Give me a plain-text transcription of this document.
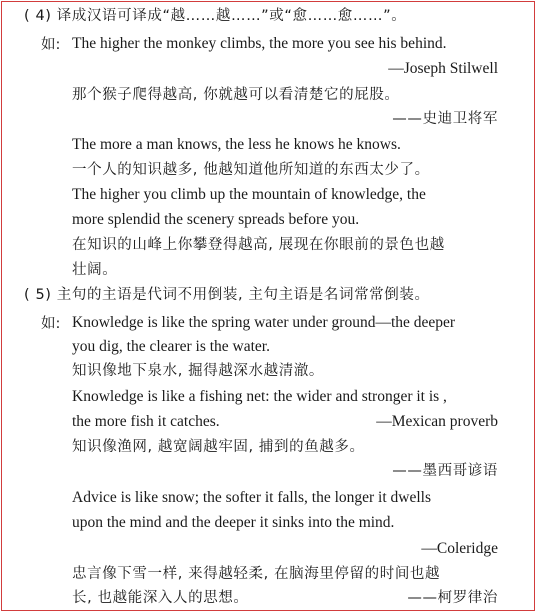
( 4) 译成汉语可译成“越……越……”或“愈……愈……”。
如: The higher the monkey climbs, the more you see his behind.
—Joseph Stilwell
那个猴子爬得越高, 你就越可以看清楚它的屁股。
——史迪卫将军
The more a man knows, the less he knows he knows.
一个人的知识越多, 他越知道他所知道的东西太少了。
The higher you climb up the mountain of knowledge, the
more splendid the scenery spreads before you.
在知识的山峰上你攀登得越高, 展现在你眼前的景色也越
壮阔。
( 5) 主句的主语是代词不用倒装, 主句主语是名词常常倒装。
如: Knowledge is like the spring water under ground—the deeper
you dig, the clearer is the water.
知识像地下泉水, 掘得越深水越清澈。
Knowledge is like a fishing net: the wider and stronger it is ,
the more fish it catches.	—Mexican proverb
知识像渔网, 越宽阔越牢固, 捕到的鱼越多。
——墨西哥谚语
Advice is like snow; the softer it falls, the longer it dwells
upon the mind and the deeper it sinks into the mind.
—Coleridge
忠言像下雪一样, 来得越轻柔, 在脑海里停留的时间也越
长, 也越能深入人的思想。	——柯罗律治
